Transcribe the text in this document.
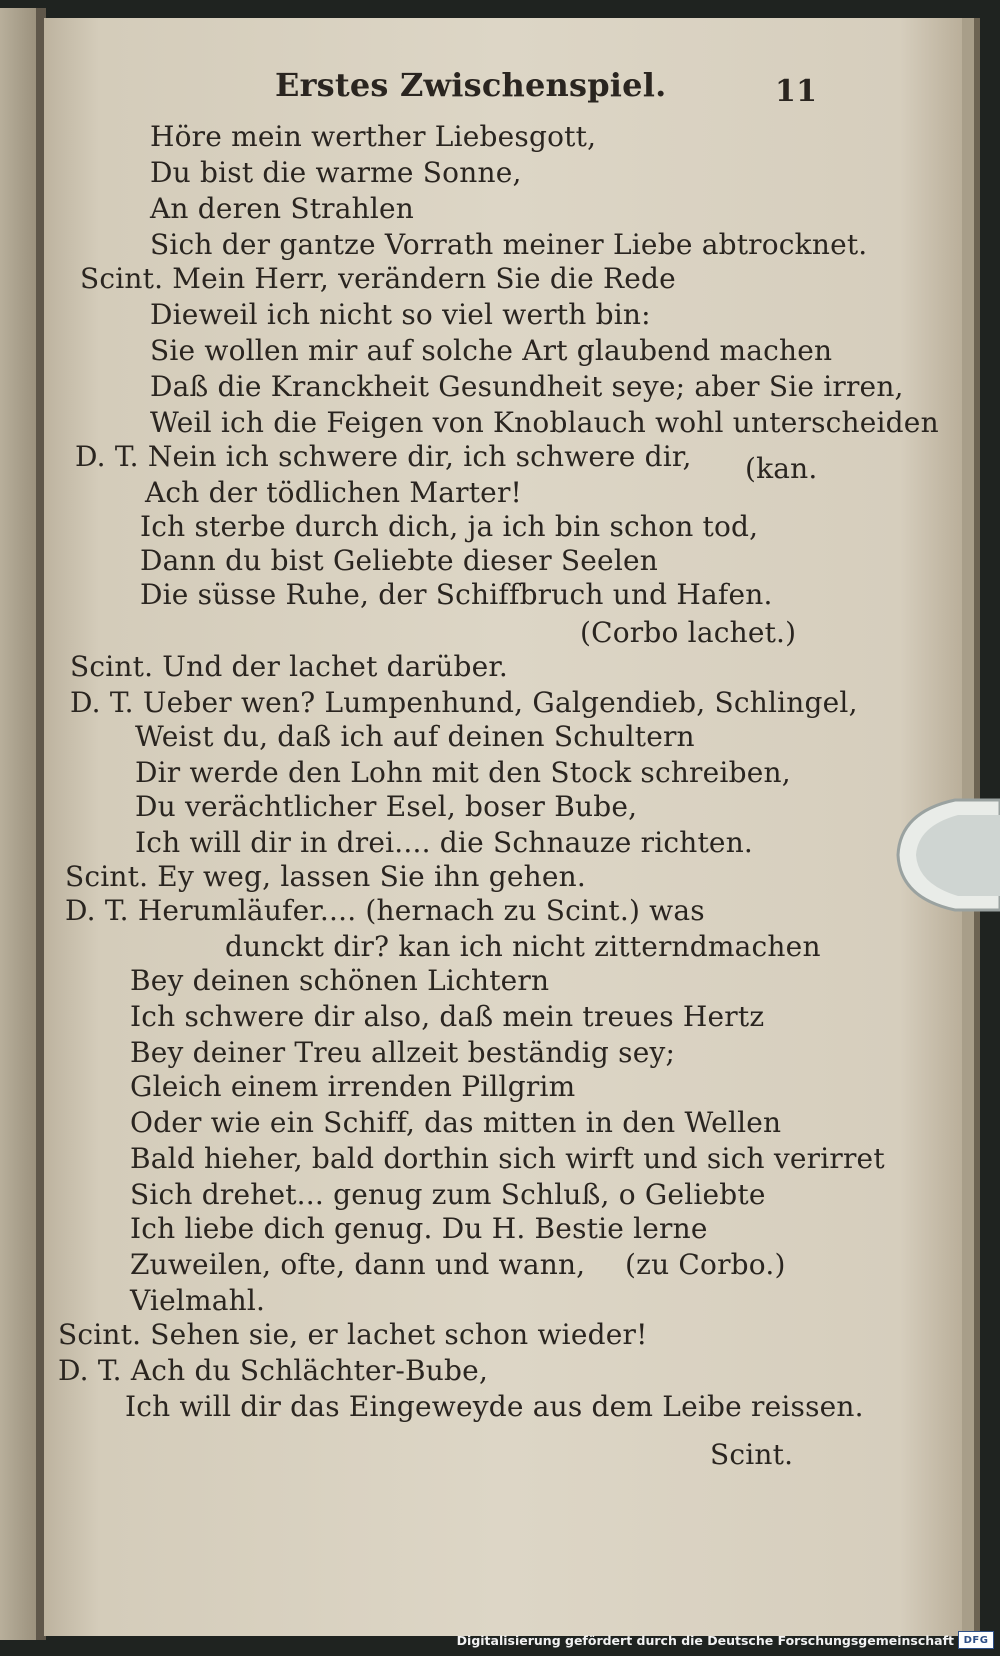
Erstes Zwischenspiel.	11
Höre mein werther Liebesgott,
Du bist die warme Sonne,
An deren Strahlen
Sich der gantze Vorrath meiner Liebe abtrocknet.
Scint. Mein Herr, verändern Sie die Rede
Dieweil ich nicht so viel werth bin:
Sie wollen mir auf solche Art glaubend machen
Daß die Kranckheit Gesundheit seye; aber Sie irren,
Weil ich die Feigen von Knoblauch wohl unterscheiden
D. T. Nein ich schwere dir, ich schwere dir, (kan.
Ach der tödlichen Marter!
Ich sterbe durch dich, ja ich bin schon tod,
Dann du bist Geliebte dieser Seelen
Die süsse Ruhe, der Schiffbruch und Hafen.
(Corbo lachet.)
Scint. Und der lachet darüber.
D. T. Ueber wen? Lumpenhund, Galgendieb, Schlingel,
Weist du, daß ich auf deinen Schultern
Dir werde den Lohn mit den Stock schreiben,
Du verächtlicher Esel, boser Bube,
Ich will dir in drei.... die Schnauze richten.
Scint. Ey weg, lassen Sie ihn gehen.
D. T. Herumläufer.... (hernach zu Scint.) was
dunckt dir? kan ich nicht zitterndmachen
Bey deinen schönen Lichtern
Ich schwere dir also, daß mein treues Hertz
Bey deiner Treu allzeit beständig sey;
Gleich einem irrenden Pillgrim
Oder wie ein Schiff, das mitten in den Wellen
Bald hieher, bald dorthin sich wirft und sich verirret
Sich drehet... genug zum Schluß, o Geliebte
Ich liebe dich genug. Du H. Bestie lerne
Zuweilen, ofte, dann und wann, (zu Corbo.)
Vielmahl.
Scint. Sehen sie, er lachet schon wieder!
D. T. Ach du Schlächter-Bube,
Ich will dir das Eingeweyde aus dem Leibe reissen.
Scint.
Digitalisierung gefördert durch die Deutsche Forschungsgemeinschaft DFG
